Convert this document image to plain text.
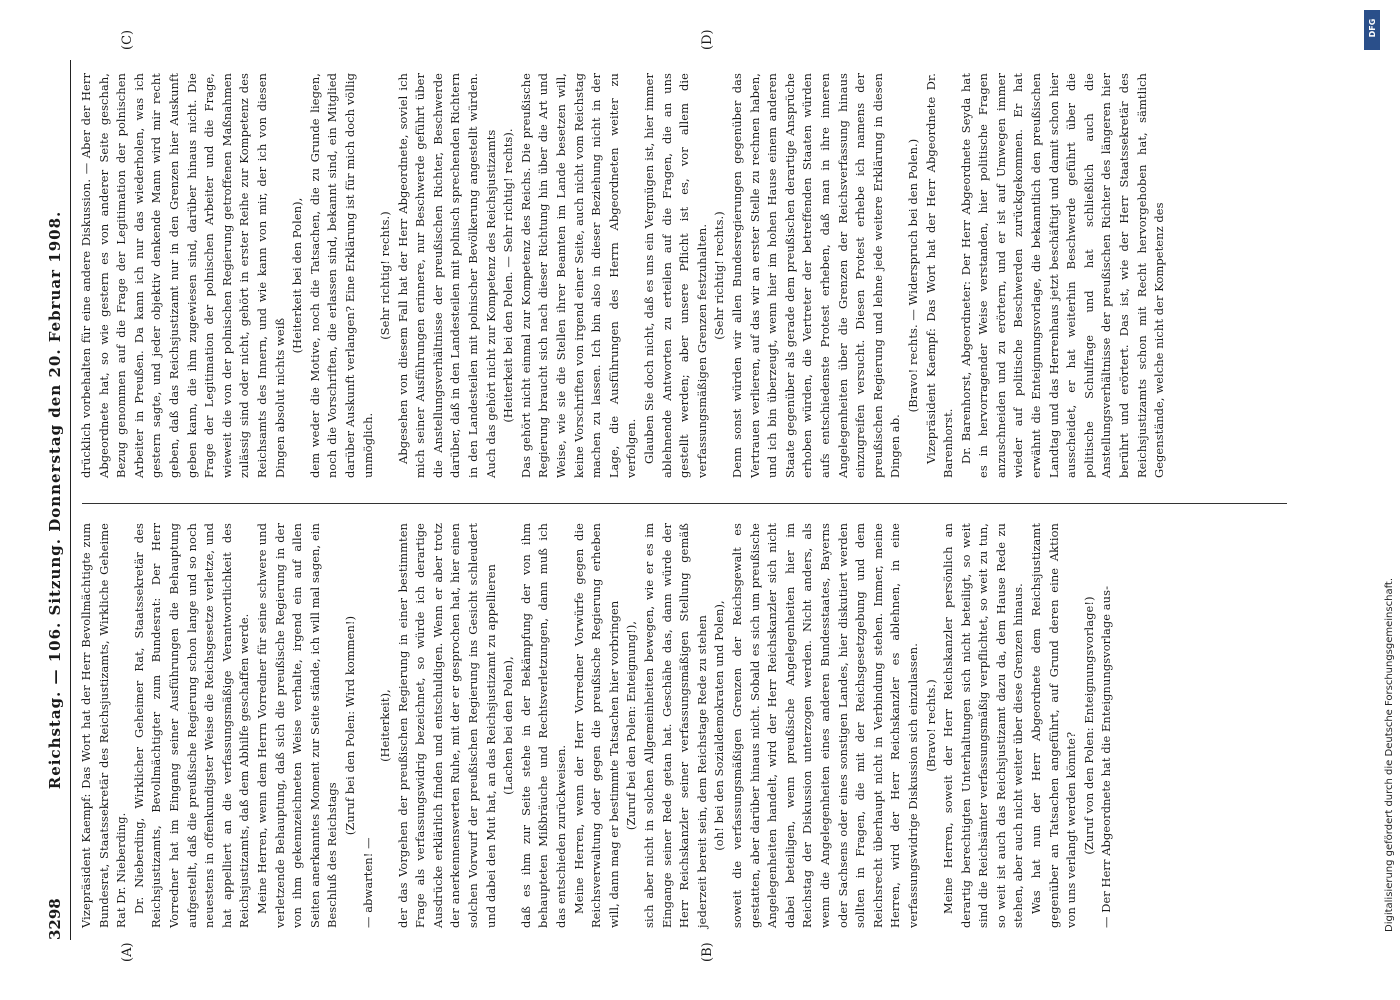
3298
Reichstag. — 106. Sitzung. Donnerstag den 20. Februar 1908.
(A)	(B)
(C)	(D)

Vizepräsident Kaempf: Das Wort hat der Herr Bevollmächtigte zum Bundesrat, Staatssekretär des Reichsjustizamts, Wirkliche Geheime Rat Dr. Nieberding. Dr. Nieberding, Wirklicher Geheimer Rat, Staatssekretär des Reichsjustizamts, Bevollmächtigter zum Bundesrat: Der Herr Vorredner hat im Eingang seiner Ausführungen die Behauptung aufgestellt, daß die preußische Regierung schon lange und so noch neuestens in offenkundigster Weise die Reichsgesetze verletze, und hat appelliert an die verfassungsmäßige Verantwortlichkeit des Reichsjustizamts, daß dem Abhilfe geschaffen werde. Meine Herren, wenn dem Herrn Vorredner für seine schwere und verletzende Behauptung, daß sich die preußische Regierung in der von ihm gekennzeichneten Weise verhalte, irgend ein auf allen Seiten anerkanntes Moment zur Seite stände, ich will mal sagen, ein Beschluß des Reichstags

(Zuruf bei den Polen: Wird kommen!)

— abwarten! —

(Heiterkeit), der das Vorgehen der preußischen Regierung in einer bestimmten Frage als verfassungswidrig bezeichnet, so würde ich derartige Ausdrücke erklärlich finden und entschuldigen. Wenn er aber trotz der anerkennenswerten Ruhe, mit der er gesprochen hat, hier einen solchen Vorwurf der preußischen Regierung ins Gesicht schleudert und dabei den Mut hat, an das Reichsjustizamt zu appellieren (Lachen bei den Polen), daß es ihm zur Seite stehe in der Bekämpfung der von ihm behaupteten Mißbräuche und Rechtsverletzungen, dann muß ich das entschieden zurückweisen. Meine Herren, wenn der Herr Vorredner Vorwürfe gegen die Reichsverwaltung oder gegen die preußische Regierung erheben will, dann mag er bestimmte Tatsachen hier vorbringen (Zuruf bei den Polen: Enteignung!), sich aber nicht in solchen Allgemeinheiten bewegen, wie er es im Eingange seiner Rede getan hat. Geschähe das, dann würde der Herr Reichskanzler seiner verfassungsmäßigen Stellung gemäß jederzeit bereit sein, dem Reichstage Rede zu stehen (oh! bei den Sozialdemokraten und Polen), soweit die verfassungsmäßigen Grenzen der Reichsgewalt es gestatten, aber darüber hinaus nicht. Sobald es sich um preußische Angelegenheiten handelt, wird der Herr Reichskanzler sich nicht dabei beteiligen, wenn preußische Angelegenheiten hier im Reichstag der Diskussion unterzogen werden. Nicht anders, als wenn die Angelegenheiten eines anderen Bundesstaates, Bayerns oder Sachsens oder eines sonstigen Landes, hier diskutiert werden sollten in Fragen, die mit der Reichsgesetzgebung und dem Reichsrecht überhaupt nicht in Verbindung stehen. Immer, meine Herren, wird der Herr Reichskanzler es ablehnen, in eine verfassungswidrige Diskussion sich einzulassen. (Bravo! rechts.) Meine Herren, soweit der Herr Reichskanzler persönlich an derartig berechtigten Unterhaltungen sich nicht beteiligt, so weit sind die Reichsämter verfassungsmäßig verpflichtet, so weit zu tun, so weit ist auch das Reichsjustizamt dazu da, dem Hause Rede zu stehen, aber auch nicht weiter über diese Grenzen hinaus. Was hat nun der Herr Abgeordnete dem Reichsjustizamt gegenüber an Tatsachen angeführt, auf Grund deren eine Aktion von uns verlangt werden könnte? (Zuruf von den Polen: Enteignungsvorlage!) — Der Herr Abgeordnete hat die Enteignungsvorlage aus-

drücklich vorbehalten für eine andere Diskussion. — Aber der Herr Abgeordnete hat, so wie gestern es von anderer Seite geschah, Bezug genommen auf die Frage der Legitimation der polnischen Arbeiter in Preußen. Da kann ich nur das wiederholen, was ich gestern sagte, und jeder objektiv denkende Mann wird mir recht geben, daß das Reichsjustizamt nur in den Grenzen hier Auskunft geben kann, die ihm zugewiesen sind, darüber hinaus nicht. Die Frage der Legitimation der polnischen Arbeiter und die Frage, wieweit die von der polnischen Regierung getroffenen Maßnahmen zulässig sind oder nicht, gehört in erster Reihe zur Kompetenz des Reichsamts des Innern, und wie kann von mir, der ich von diesen Dingen absolut nichts weiß

(Heiterkeit bei den Polen), dem weder die Motive, noch die Tatsachen, die zu Grunde liegen, noch die Vorschriften, die erlassen sind, bekannt sind, ein Mitglied darüber Auskunft verlangen? Eine Erklärung ist für mich doch völlig unmöglich.

(Sehr richtig! rechts.) Abgesehen von diesem Fall hat der Herr Abgeordnete, soviel ich mich seiner Ausführungen erinnere, nur Beschwerde geführt über die Anstellungsverhältnisse der preußischen Richter, Beschwerde darüber, daß in den Landesteilen mit polnisch sprechenden Richtern in den Landesteilen mit polnischer Bevölkerung angestellt würden. Auch das gehört nicht zur Kompetenz des Reichsjustizamts (Heiterkeit bei den Polen. — Sehr richtig! rechts). Das gehört nicht einmal zur Kompetenz des Reichs. Die preußische Regierung braucht sich nach dieser Richtung hin über die Art und Weise, wie sie die Stellen ihrer Beamten im Lande besetzen will, keine Vorschriften von irgend einer Seite, auch nicht vom Reichstag machen zu lassen. Ich bin also in dieser Beziehung nicht in der Lage, die Ausführungen des Herrn Abgeordneten weiter zu verfolgen. Glauben Sie doch nicht, daß es uns ein Vergnügen ist, hier immer ablehnende Antworten zu erteilen auf die Fragen, die an uns gestellt werden; aber unsere Pflicht ist es, vor allem die verfassungsmäßigen Grenzen festzuhalten. (Sehr richtig! rechts.) Denn sonst würden wir allen Bundesregierungen gegenüber das Vertrauen verlieren, auf das wir an erster Stelle zu rechnen haben, und ich bin überzeugt, wenn hier im hohen Hause einem anderen Staate gegenüber als gerade dem preußischen derartige Ansprüche erhoben würden, die Vertreter der betreffenden Staaten würden aufs entschiedenste Protest erheben, daß man in ihre inneren Angelegenheiten über die Grenzen der Reichsverfassung hinaus einzugreifen versucht. Diesen Protest erhebe ich namens der preußischen Regierung und lehne jede weitere Erklärung in diesen Dingen ab.

(Bravo! rechts. — Widerspruch bei den Polen.) Vizepräsident Kaempf: Das Wort hat der Herr Abgeordnete Dr. Barenhorst. Dr. Barenhorst, Abgeordneter: Der Herr Abgeordnete Seyda hat es in hervorragender Weise verstanden, hier politische Fragen anzuschneiden und zu erörtern, und er ist auf Umwegen immer wieder auf politische Beschwerden zurückgekommen. Er hat erwähnt die Enteignungsvorlage, die bekanntlich den preußischen Landtag und das Herrenhaus jetzt beschäftigt und damit schon hier ausscheidet, er hat weiterhin Beschwerde geführt über die politische Schulfrage und hat schließlich auch die Anstellungsverhältnisse der preußischen Richter des längeren hier berührt und erörtert. Das ist, wie der Herr Staatssekretär des Reichsjustizamts schon mit Recht hervorgehoben hat, sämtlich Gegenstände, welche nicht der Kompetenz des

DFG
Digitalisierung gefördert durch die Deutsche Forschungsgemeinschaft.
